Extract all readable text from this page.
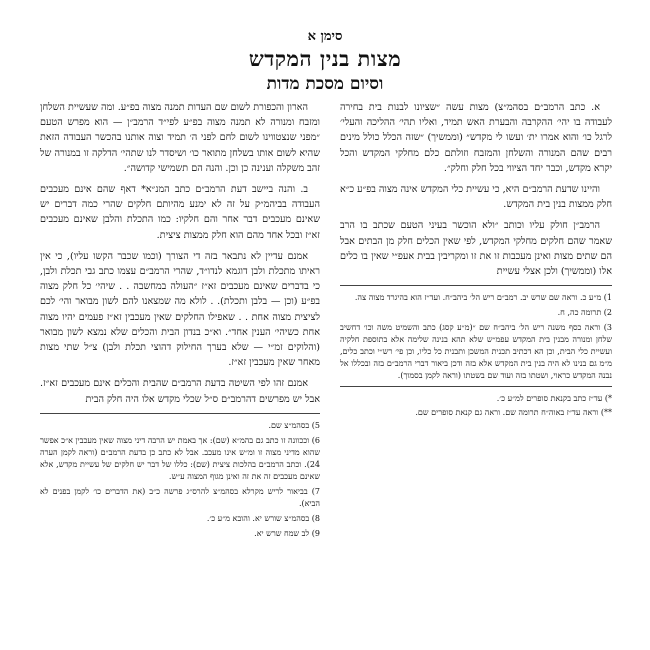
סימן א
מצות בנין המקדש
וסיום מסכת מדות

א. כתב הרמב״ם בסהמ״צ) מצות עשה ״שציונו לבנות בית בחירה לעבודה בו יהי׳ ההקרבה והבערת האש תמיד, ואליו תהי׳ ההליכה והעלי׳ לרגל כו׳ והוא אמרו ית׳ ועשו לי מקדש״ (וממשיך) ״שזה הכלל כולל מינים רבים שהם המנורה והשלחן והמזבח וזולתם כלם מחלקי המקדש והכל יקרא מקדש, וכבר יחד הציווי בכל חלק וחלק״.

והיינו שדעת הרמב״ם היא, כי עשיית כלי המקדש אינה מצוה בפ״ע כ״א חלק ממצות בנין בית המקדש.

הרמב״ן חולק עליו וכותב ״ולא הוכשר בעיני הטעם שכתב בו הרב שאמר שהם חלקים מחלקי המקדש, לפי שאין הכלים חלק מן הבתים אבל הם שתים מצות ואינן מעכבות זו את זו ומקריבין בבית אעפ״י שאין בו כלים אלו (וממשיך) ולכן אצלי עשיית

1) מ״ע כ. וראה שם שרש יב. רמב״ם ריש הל׳ ביהב״ח. ועד״ז הוא בהיגרד מצוה צה.

2) תרומה כה, ח.

3) וראה כסף משנה ריש הל׳ ביהב״ח שם ״(מ״ע קסג) כתב והשמיט משה וכו׳ דחשיב שלחן ומנורה מבנין בית המקדש עפמ״ש שלא תהא בנינה שלימה אלא בתוספת חלקיה ועשיית כלי הבית, וכן הא דכתיב תכנית המשכן ותבנית כל כליו, וכן פי׳ רש״י וכתב כלים, מ״מ גם בנינו לא היה בנין בית המקדש אלא בזה ודכן ביאור דברי הרמב״ם בזה ובכללו אל נבנה המקדש כראוי, ושטתו בזה ועוד שם בשטתו (וראה לקמן בסמוך).

*) עד״ז כתב בקנאת סופרים למ״ע כ׳.

**) וראה עד״ז באוה״ח תרומה שם. וראה גם קנאת סופרים שם.

הארון והכפורת לשום שם העדות תמנה מצוה בפ״ע. ומה שעשיית השלחן ומזבח ומנורה לא תמנה מצוה בפ״ע לפי״ד הרמב״ן — הוא מפרש הטעם ״מפני שנצטווינו לשום לחם לפני ה׳ תמיד וצוה אותנו בהכשר העבודה הזאת שהיא לשום אותו בשלחן מתואר כו׳ ושיסדר לנו שתהי׳ הדלקה זו במנורה של זהב משקלה וענינה כן וכן. והנה הם תשמישי קדושה״.

ב. והנה ביישב דעת הרמב״ם כתב המנ״א* דאף שהם אינם מעכבים העבודה בביהמ״ק על זה לא ימנע מהיותם חלקים שהרי כמה דברים יש שאינם מעכבים דבר אחר והם חלקיו: כמו התכלת והלבן שאינם מעכבים זא״ז ובכל אחד מהם הוא חלק ממצות ציצית.

אמנם עדיין לא נתבאר בזה די הצורך (וכמו שכבר הקשו עליו), כי אין ראיתו מתכלת ולבן דוגמא לנדו״ד, שהרי הרמב״ם עצמו כתב גבי תכלת ולבן, כי בדברים שאינם מעכבים זא״ז ״העולה במחשבה . . שיהי׳ כל חלק מצוה בפ״ע (וכן — בלבן ותכלת). . לולא מה שמצאנו להם לשון מבואר והי׳ לכם לציצית מצוה אחת . . שאפילו החלקים שאין מעכבין זא״ז פעמים יהיו מצוה אחת כשיהי׳ הענין אחד״. וא״כ בנדון הבית והכלים שלא נמצא לשון מבואר (והלוקים זמ״י — שלא בערך החילוק דהוצי תכלת ולבן) צ״ל שתי מצות מאחר שאין מעכבין זא״ז.

אמנם זהו לפי השיטה בדעת הרמב״ם שהבית והכלים אינם מעכבים זא״ז. אבל יש מפרשים דהרמב״ם ס״ל שכלי מקדש אלו היה חלק הבית

5) בסהמ״צ שם.

6) וככוונה זו כתב גם בהמ״א (שם): אך באמת יש הרבה דיני מצוה שאין מעכבין א״כ אפשר שהוא מדיני מצוה זו ומ״ש אינו מעכב. אבל לא כתב כן בדעת הרמב״ם (וראה לקמן הערה 24). וכתב הרמב״ם בהלכות ציצית (שם): כללו של דבר יש חלקים של עשיית מקדש, אלא שאינם מעכבים זה את זה ואינן מגוף המצוה ע״ש.

7) בביאור לריש מקרלא בסהמ״צ להרס״ג פרשה כ״ב (את הדברים כו׳ לקמן בפנים לא הביא).

8) בסהמ״צ שורש יא. והובא מ״ע כ׳.

9) לב שמח שרש יא.
